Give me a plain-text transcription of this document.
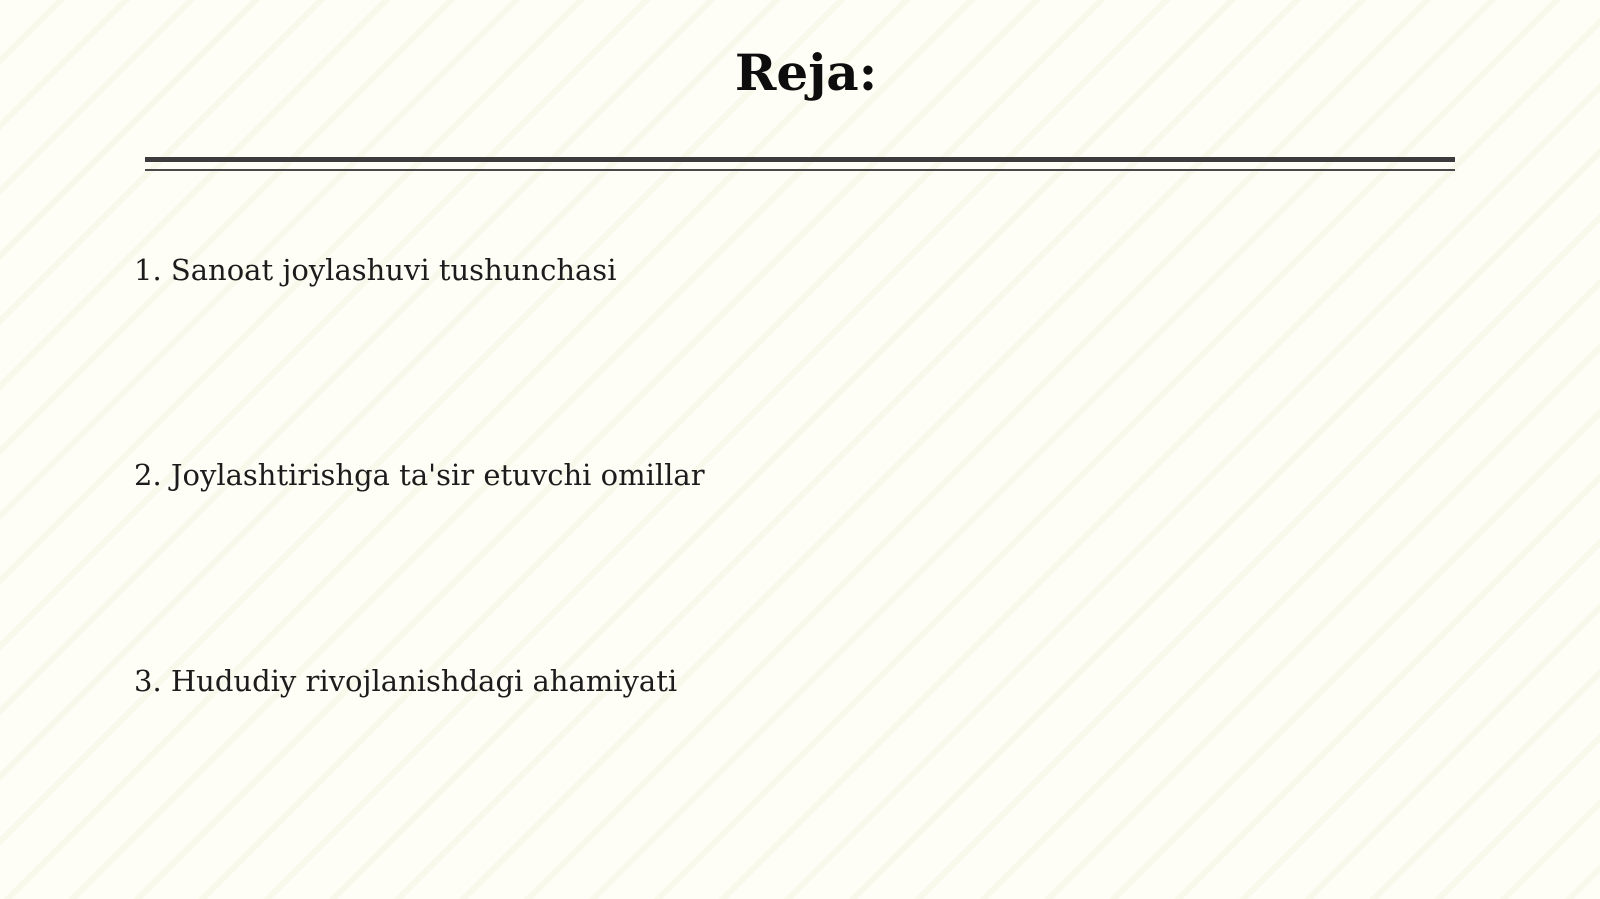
Reja:
1. Sanoat joylashuvi tushunchasi
2. Joylashtirishga ta'sir etuvchi omillar
3. Hududiy rivojlanishdagi ahamiyati
